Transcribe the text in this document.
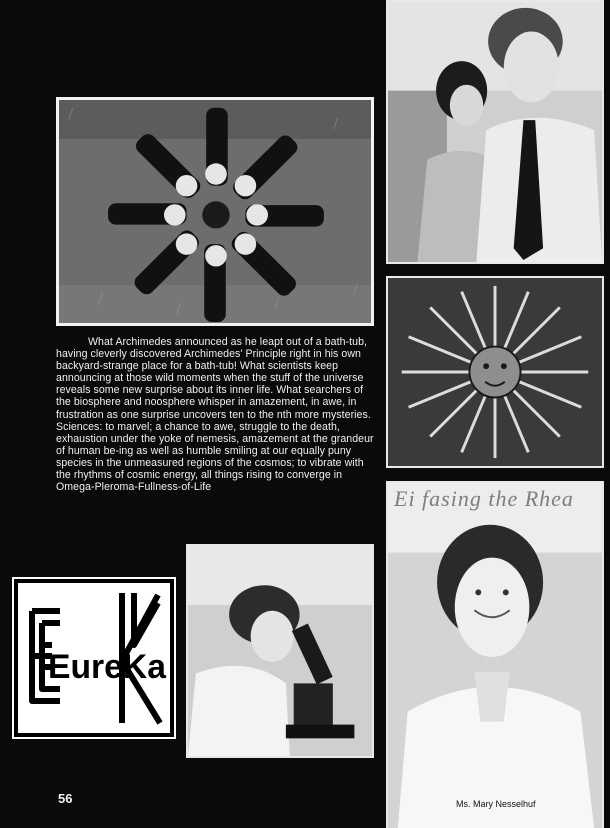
Ei fasing the Rhea

What Archimedes announced as he leapt out of a bath-tub, having cleverly discovered Archimedes' Principle right in his own backyard-strange place for a bath-tub! What scientists keep announcing at those wild moments when the stuff of the universe reveals some new surprise about its inner life. What searchers of the biosphere and noosphere whisper in amazement, in awe, in frustration as one surprise uncovers ten to the nth more mysteries. Sciences: to marvel; a chance to awe, struggle to the death, exhaustion under the yoke of nemesis, amazement at the grandeur of human be-ing as well as humble smiling at our equally puny species in the unmeasured regions of the cosmos; to vibrate with the rhythms of cosmic energy, all things rising to converge in Omega-Pleroma-Fullness-of-Life

EureKa
56	Ms. Mary Nesselhuf
